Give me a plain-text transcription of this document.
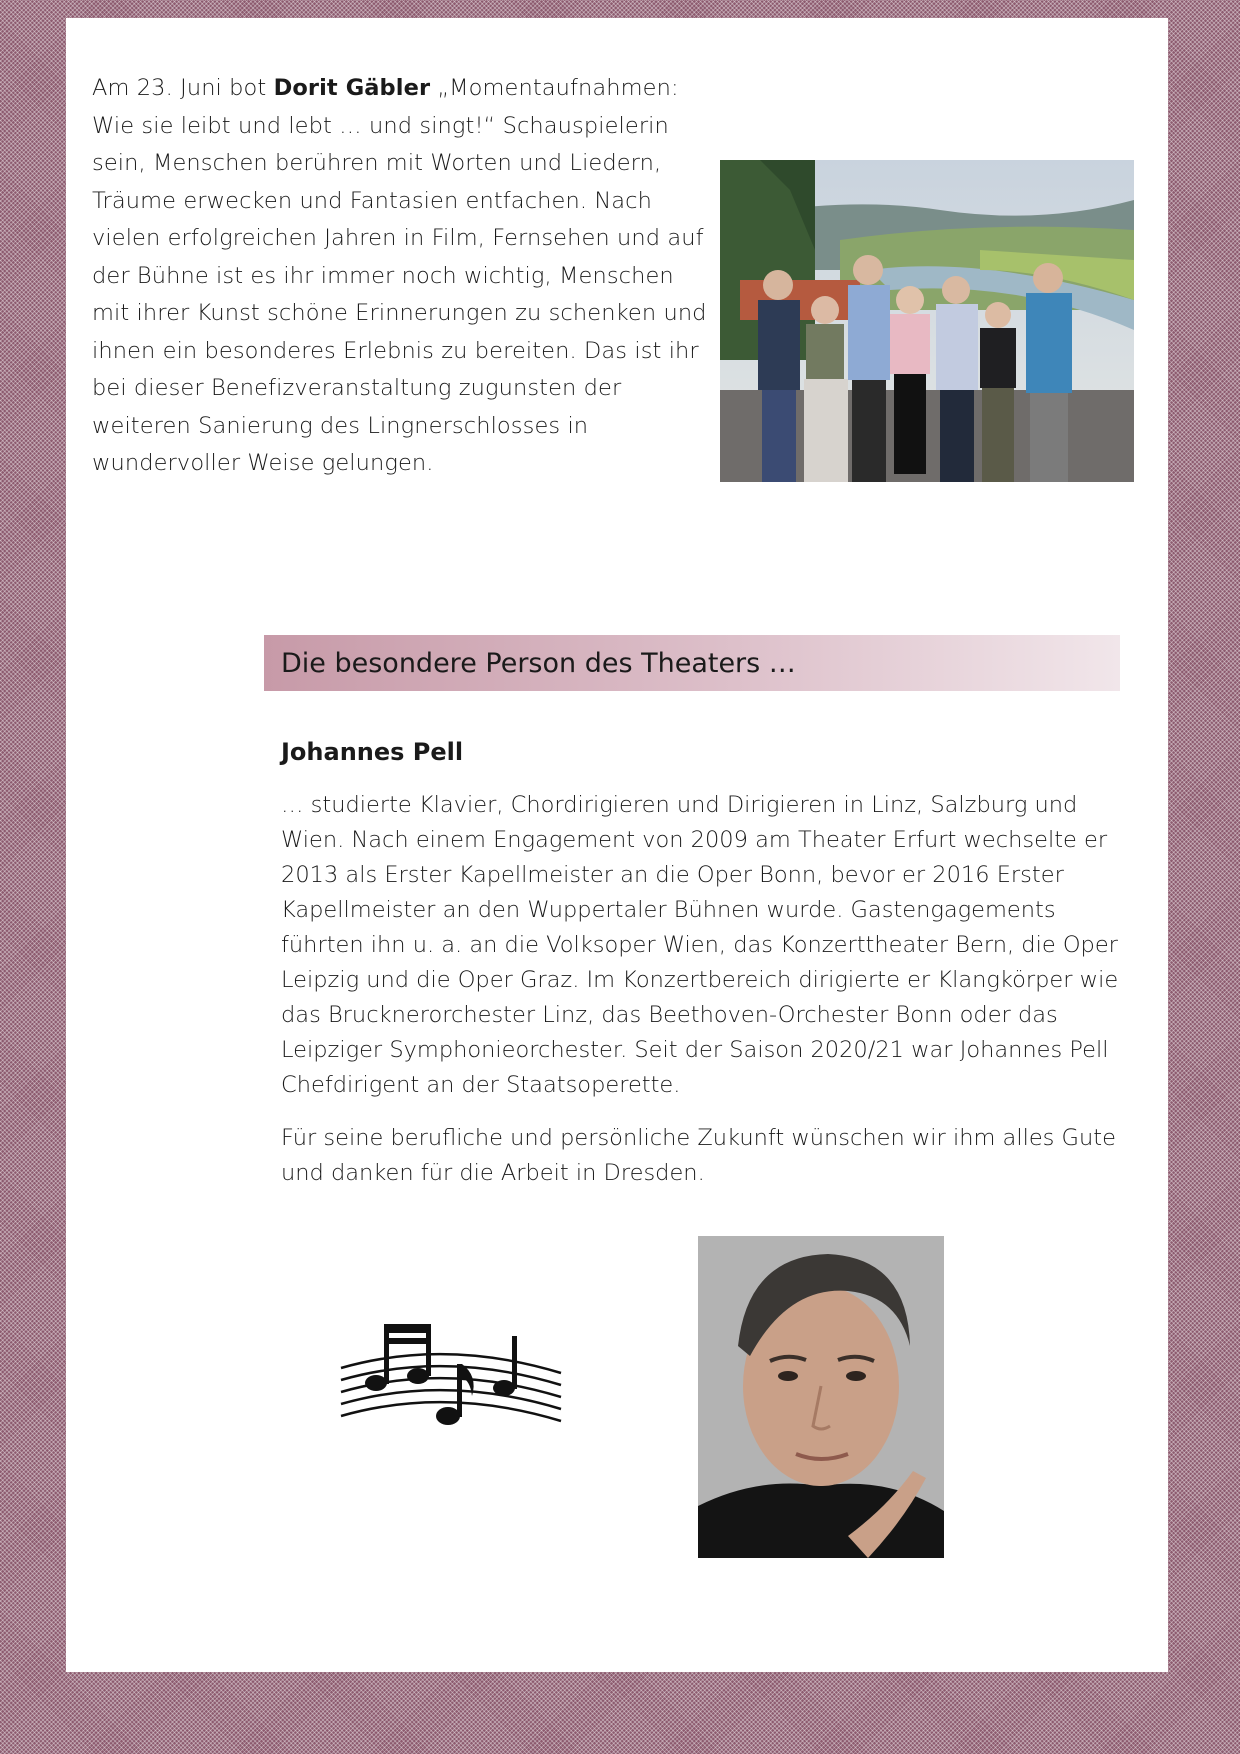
Am 23. Juni bot Dorit Gäbler „Momentaufnahmen: Wie sie leibt und lebt … und singt!“ Schauspielerin sein, Menschen berühren mit Worten und Liedern, Träume erwecken und Fantasien entfachen. Nach vielen erfolgreichen Jahren in Film, Fernsehen und auf der Bühne ist es ihr immer noch wichtig, Menschen mit ihrer Kunst schöne Erinnerungen zu schenken und ihnen ein besonderes Erlebnis zu bereiten. Das ist ihr bei dieser Benefizveranstaltung zugunsten der weiteren Sanierung des Lingnerschlosses in wundervoller Weise gelungen.
Die besondere Person des Theaters …
Johannes Pell

… studierte Klavier, Chordirigieren und Dirigieren in Linz, Salzburg und Wien. Nach einem Engagement von 2009 am Theater Erfurt wechselte er 2013 als Erster Kapellmeister an die Oper Bonn, bevor er 2016 Erster Kapellmeister an den Wuppertaler Bühnen wurde. Gastengagements führten ihn u. a. an die Volksoper Wien, das Konzerttheater Bern, die Oper Leipzig und die Oper Graz. Im Konzertbereich dirigierte er Klangkörper wie das Brucknerorchester Linz, das Beethoven-Orchester Bonn oder das Leipziger Symphonieorchester. Seit der Saison 2020/21 war Johannes Pell Chefdirigent an der Staatsoperette.

Für seine berufliche und persönliche Zukunft wünschen wir ihm alles Gute und danken für die Arbeit in Dresden.
